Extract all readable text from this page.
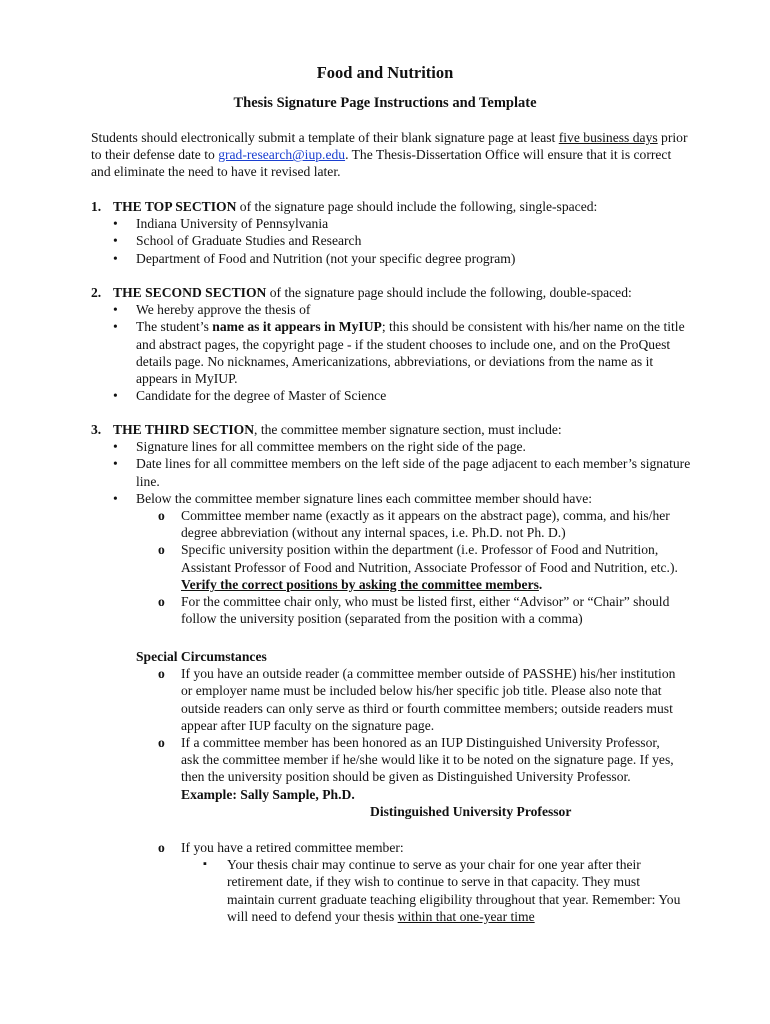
Food and Nutrition
Thesis Signature Page Instructions and Template
Students should electronically submit a template of their blank signature page at least five business days prior to their defense date to grad-research@iup.edu. The Thesis-Dissertation Office will ensure that it is correct and eliminate the need to have it revised later.
1. THE TOP SECTION of the signature page should include the following, single-spaced:
• Indiana University of Pennsylvania
• School of Graduate Studies and Research
• Department of Food and Nutrition (not your specific degree program)
2. THE SECOND SECTION of the signature page should include the following, double-spaced:
• We hereby approve the thesis of
• The student’s name as it appears in MyIUP; this should be consistent with his/her name on the title and abstract pages, the copyright page - if the student chooses to include one, and on the ProQuest details page. No nicknames, Americanizations, abbreviations, or deviations from the name as it appears in MyIUP.
• Candidate for the degree of Master of Science
3. THE THIRD SECTION, the committee member signature section, must include:
• Signature lines for all committee members on the right side of the page.
• Date lines for all committee members on the left side of the page adjacent to each member’s signature line.
• Below the committee member signature lines each committee member should have:
o Committee member name (exactly as it appears on the abstract page), comma, and his/her degree abbreviation (without any internal spaces, i.e. Ph.D. not Ph. D.)
o Specific university position within the department (i.e. Professor of Food and Nutrition, Assistant Professor of Food and Nutrition, Associate Professor of Food and Nutrition, etc.). Verify the correct positions by asking the committee members.
o For the committee chair only, who must be listed first, either “Advisor” or “Chair” should follow the university position (separated from the position with a comma)
Special Circumstances
o If you have an outside reader (a committee member outside of PASSHE) his/her institution or employer name must be included below his/her specific job title. Please also note that outside readers can only serve as third or fourth committee members; outside readers must appear after IUP faculty on the signature page.
o If a committee member has been honored as an IUP Distinguished University Professor, ask the committee member if he/she would like it to be noted on the signature page. If yes, then the university position should be given as Distinguished University Professor. Example: Sally Sample, Ph.D.
Distinguished University Professor
o If you have a retired committee member:
▪ Your thesis chair may continue to serve as your chair for one year after their retirement date, if they wish to continue to serve in that capacity. They must maintain current graduate teaching eligibility throughout that year. Remember: You will need to defend your thesis within that one-year time
